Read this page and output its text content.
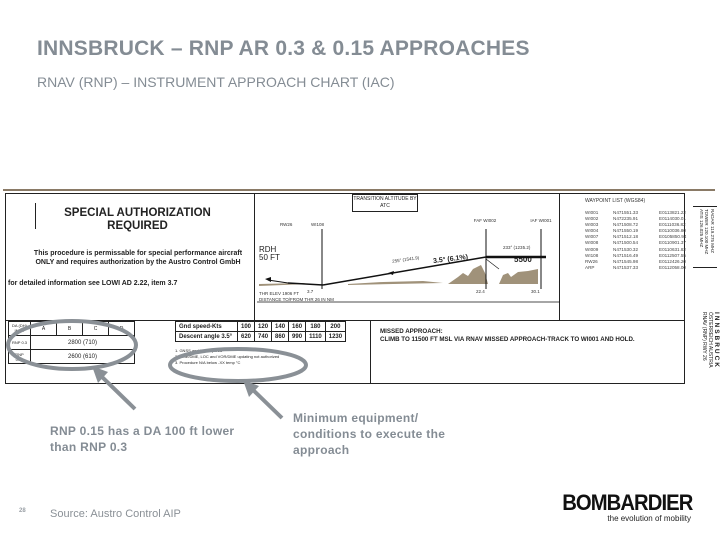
INNSBRUCK – RNP AR 0.3 & 0.15 APPROACHES
RNAV (RNP) – INSTRUMENT APPROACH CHART (IAC)
SPECIAL AUTHORIZATION
REQUIRED
This procedure is permissable for special performance aircraft ONLY and requires authorization by the Austro Control GmbH
for detailed information see LOWI AD 2.22, item 3.7
TRANSITION ALTITUDE BY ATC
RW26	WI108
FAF WI002	IAF WI001
RDH
50 FT	255° (1541.9) 3.5° (6.1%)
233° (1235.2)
5500
3.7	22.4	30.1
THR ELEV 1906 FT
DISTANCE TO/FROM THR 26 IN NM
WAYPOINT LIST (WGS84)
WI001	N471551.33	E0113821.22
WI002	N472235.91	E0114030.01
WI003	N471508.72	E0111036.82
WI004	N471550.19	E0110036.80
WI007	N471512.18	E0105850.94
WI008	N471500.54	E0110901.37
WI009	N471530.32	E0110631.82
WI108	N471516.49	E0112507.55
RW26	N471545.98	E0112426.20
ARP	N471537.33	E0112058.00
RADAR 119.275 MHZ
TOWER 120.100 MHZ
ATIS 126.025 MHZ
INNSBRUCK
ÖSTERREICH AUSTRIA
RNAV (RNP) RWY 26
DA (DH) IN FT	A	B	C	D
RNP 0.3	2800 (710)			
RNP 0.15	2600 (610)			
Gnd speed-Kts	100	120	140	160	180	200
Descent angle 3.5°	620	740	860	990	1110	1230
1. GNSS and IRS required
2. DME/DME, LOC and VOR/DME updating not authorized
3. Procedure N/A below -XX temp °C
MISSED APPROACH:
CLIMB TO 11500 FT MSL VIA RNAV MISSED APPROACH-TRACK TO WI001 AND HOLD.
RNP 0.15 has a DA 100 ft lower than RNP 0.3
Minimum equipment/ conditions to execute the approach
28 Source: Austro Control AIP	BOMBARDIER
the evolution of mobility
